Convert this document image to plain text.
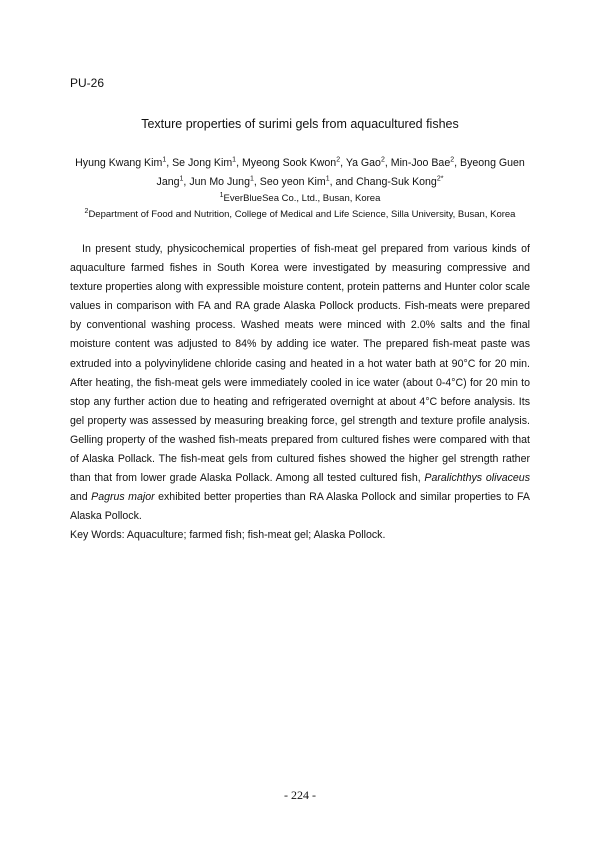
PU-26
Texture properties of surimi gels from aquacultured fishes
Hyung Kwang Kim$^1$, Se Jong Kim$^1$, Myeong Sook Kwon$^2$, Ya Gao$^2$, Min-Joo Bae$^2$, Byeong Guen Jang$^1$, Jun Mo Jung$^1$, Seo yeon Kim$^1$, and Chang-Suk Kong$^{2*}$
$^1$EverBlueSea Co., Ltd., Busan, Korea
$^2$Department of Food and Nutrition, College of Medical and Life Science, Silla University, Busan, Korea

In present study, physicochemical properties of fish-meat gel prepared from various kinds of aquaculture farmed fishes in South Korea were investigated by measuring compressive and texture properties along with expressible moisture content, protein patterns and Hunter color scale values in comparison with FA and RA grade Alaska Pollock products. Fish-meats were prepared by conventional washing process. Washed meats were minced with 2.0% salts and the final moisture content was adjusted to 84% by adding ice water. The prepared fish-meat paste was extruded into a polyvinylidene chloride casing and heated in a hot water bath at 90°C for 20 min. After heating, the fish-meat gels were immediately cooled in ice water (about 0-4°C) for 20 min to stop any further action due to heating and refrigerated overnight at about 4°C before analysis. Its gel property was assessed by measuring breaking force, gel strength and texture profile analysis. Gelling property of the washed fish-meats prepared from cultured fishes were compared with that of Alaska Pollack. The fish-meat gels from cultured fishes showed the higher gel strength rather than that from lower grade Alaska Pollack. Among all tested cultured fish, Paralichthys olivaceus and Pagrus major exhibited better properties than RA Alaska Pollock and similar properties to FA Alaska Pollock.

Key Words: Aquaculture; farmed fish; fish-meat gel; Alaska Pollock.

- 224 -
